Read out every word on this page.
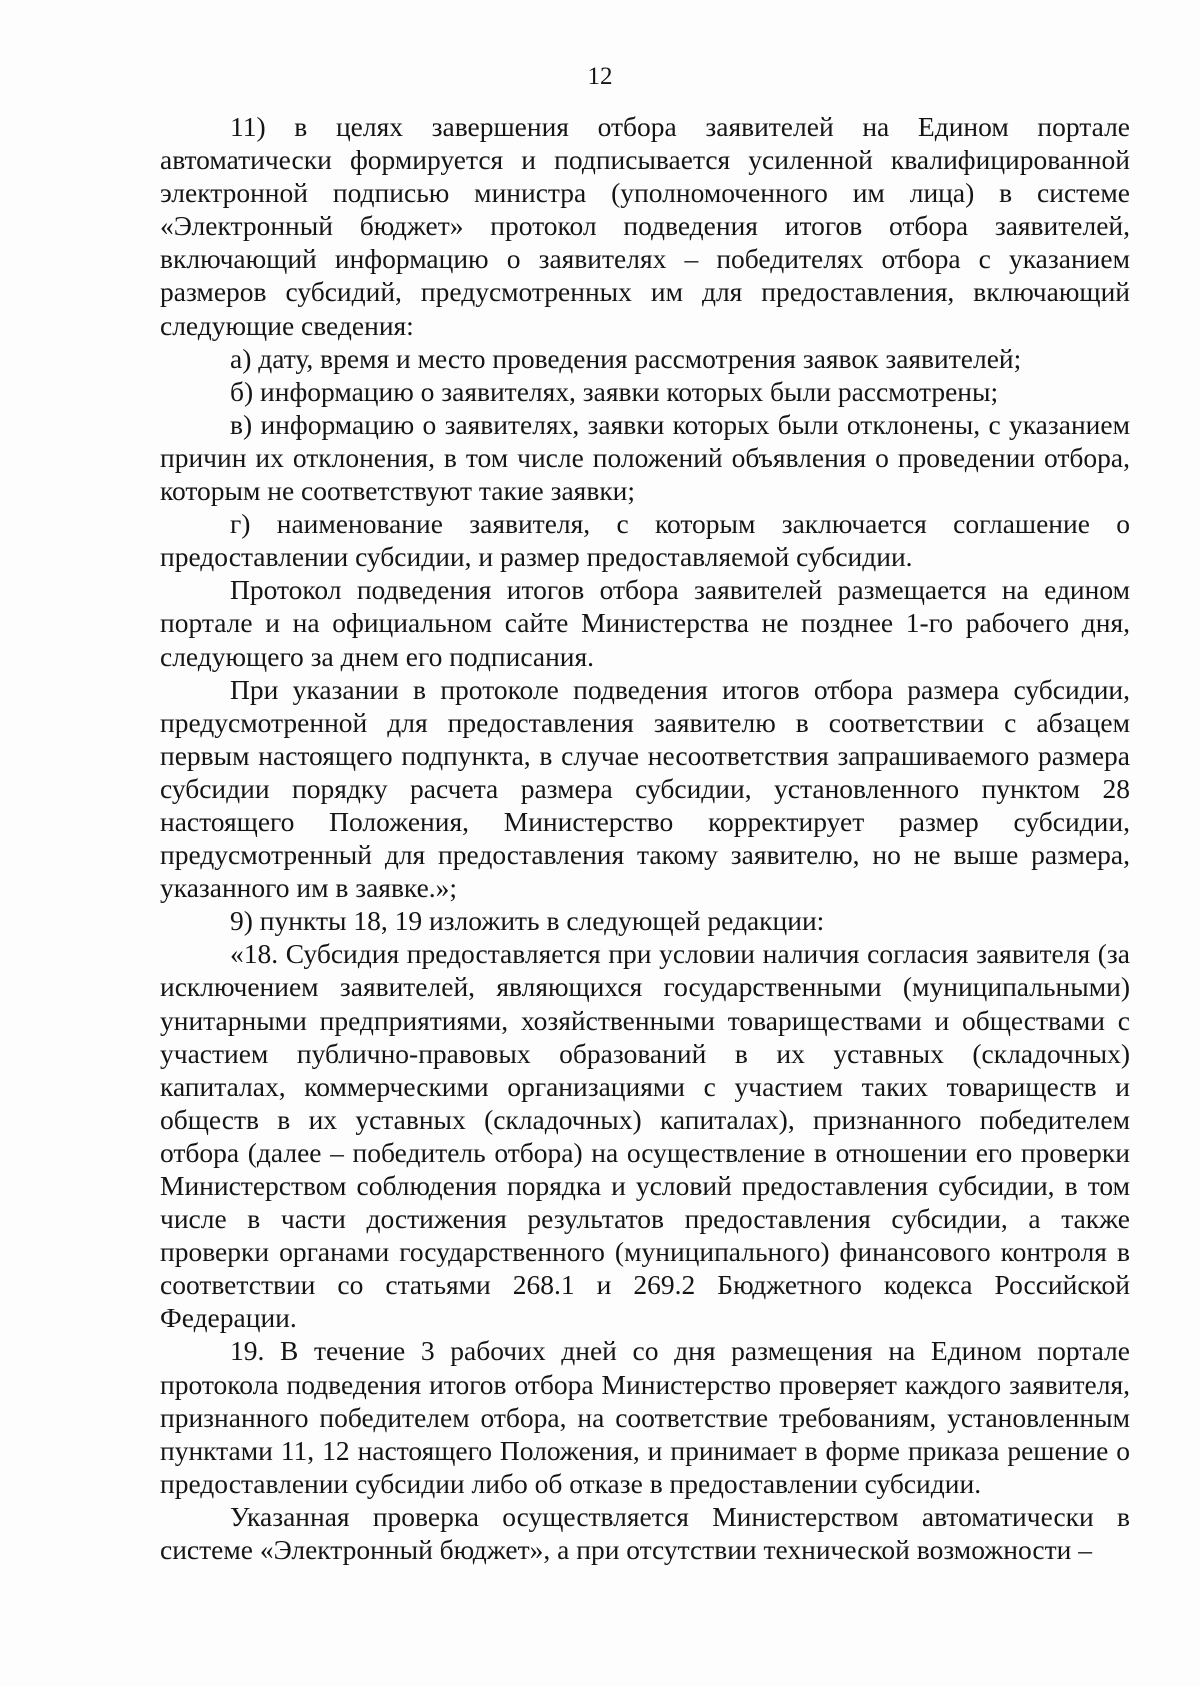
12

11) в целях завершения отбора заявителей на Едином портале автоматически формируется и подписывается усиленной квалифицированной электронной подписью министра (уполномоченного им лица) в системе «Электронный бюджет» протокол подведения итогов отбора заявителей, включающий информацию о заявителях – победителях отбора с указанием размеров субсидий, предусмотренных им для предоставления, включающий следующие сведения:

а) дату, время и место проведения рассмотрения заявок заявителей;

б) информацию о заявителях, заявки которых были рассмотрены;

в) информацию о заявителях, заявки которых были отклонены, с указанием причин их отклонения, в том числе положений объявления о проведении отбора, которым не соответствуют такие заявки;

г) наименование заявителя, с которым заключается соглашение о предоставлении субсидии, и размер предоставляемой субсидии.

Протокол подведения итогов отбора заявителей размещается на едином портале и на официальном сайте Министерства не позднее 1-го рабочего дня, следующего за днем его подписания.

При указании в протоколе подведения итогов отбора размера субсидии, предусмотренной для предоставления заявителю в соответствии с абзацем первым настоящего подпункта, в случае несоответствия запрашиваемого размера субсидии порядку расчета размера субсидии, установленного пунктом 28 настоящего Положения, Министерство корректирует размер субсидии, предусмотренный для предоставления такому заявителю, но не выше размера, указанного им в заявке.»;

9) пункты 18, 19 изложить в следующей редакции:

«18. Субсидия предоставляется при условии наличия согласия заявителя (за исключением заявителей, являющихся государственными (муниципальными) унитарными предприятиями, хозяйственными товариществами и обществами с участием публично-правовых образований в их уставных (складочных) капиталах, коммерческими организациями с участием таких товариществ и обществ в их уставных (складочных) капиталах), признанного победителем отбора (далее – победитель отбора) на осуществление в отношении его проверки Министерством соблюдения порядка и условий предоставления субсидии, в том числе в части достижения результатов предоставления субсидии, а также проверки органами государственного (муниципального) финансового контроля в соответствии со статьями 268.1 и 269.2 Бюджетного кодекса Российской Федерации.

19. В течение 3 рабочих дней со дня размещения на Едином портале протокола подведения итогов отбора Министерство проверяет каждого заявителя, признанного победителем отбора, на соответствие требованиям, установленным пунктами 11, 12 настоящего Положения, и принимает в форме приказа решение о предоставлении субсидии либо об отказе в предоставлении субсидии.

Указанная проверка осуществляется Министерством автоматически в системе «Электронный бюджет», а при отсутствии технической возможности –
